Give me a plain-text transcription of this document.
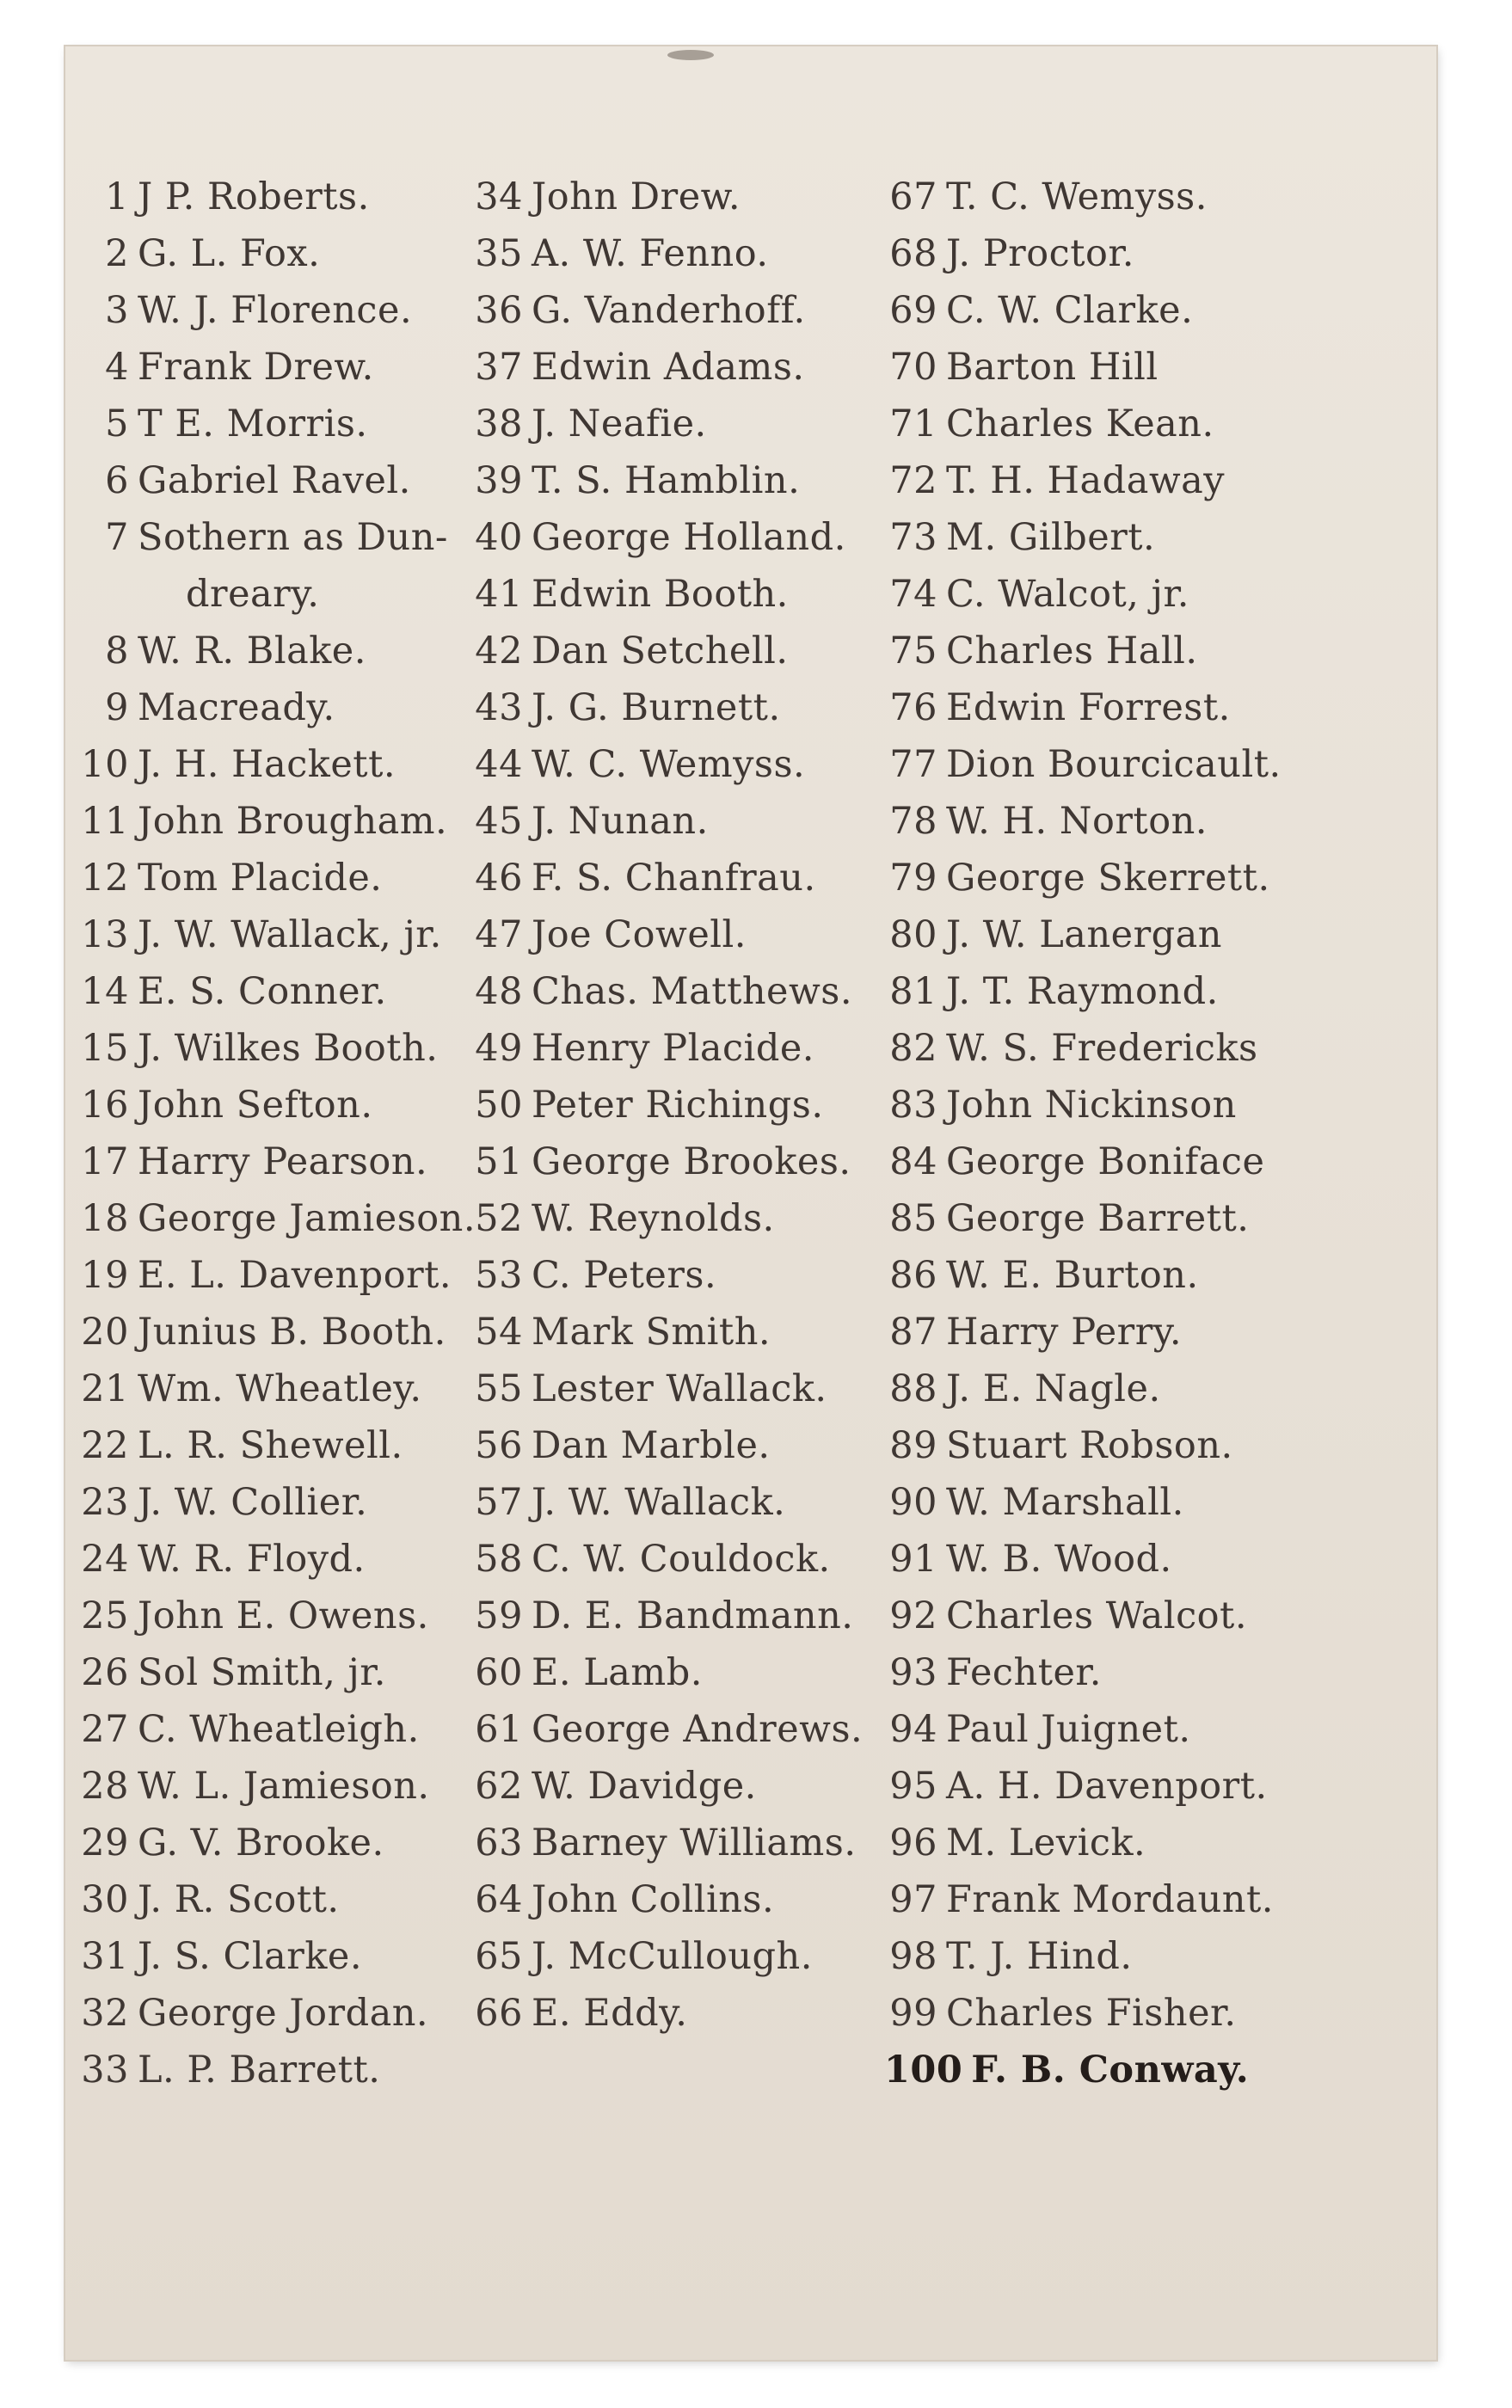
1 J P. Roberts.
2 G. L. Fox.
3 W. J. Florence.
4 Frank Drew.
5 T E. Morris.
6 Gabriel Ravel.
7 Sothern as Dun-
dreary.
8 W. R. Blake.
9 Macready.
10 J. H. Hackett.
11 John Brougham.
12 Tom Placide.
13 J. W. Wallack, jr.
14 E. S. Conner.
15 J. Wilkes Booth.
16 John Sefton.
17 Harry Pearson.
18 George Jamieson.
19 E. L. Davenport.
20 Junius B. Booth.
21 Wm. Wheatley.
22 L. R. Shewell.
23 J. W. Collier.
24 W. R. Floyd.
25 John E. Owens.
26 Sol Smith, jr.
27 C. Wheatleigh.
28 W. L. Jamieson.
29 G. V. Brooke.
30 J. R. Scott.
31 J. S. Clarke.
32 George Jordan.
33 L. P. Barrett.
34 John Drew.
35 A. W. Fenno.
36 G. Vanderhoff.
37 Edwin Adams.
38 J. Neafie.
39 T. S. Hamblin.
40 George Holland.
41 Edwin Booth.
42 Dan Setchell.
43 J. G. Burnett.
44 W. C. Wemyss.
45 J. Nunan.
46 F. S. Chanfrau.
47 Joe Cowell.
48 Chas. Matthews.
49 Henry Placide.
50 Peter Richings.
51 George Brookes.
52 W. Reynolds.
53 C. Peters.
54 Mark Smith.
55 Lester Wallack.
56 Dan Marble.
57 J. W. Wallack.
58 C. W. Couldock.
59 D. E. Bandmann.
60 E. Lamb.
61 George Andrews.
62 W. Davidge.
63 Barney Williams.
64 John Collins.
65 J. McCullough.
66 E. Eddy.
67 T. C. Wemyss.
68 J. Proctor.
69 C. W. Clarke.
70 Barton Hill
71 Charles Kean.
72 T. H. Hadaway
73 M. Gilbert.
74 C. Walcot, jr.
75 Charles Hall.
76 Edwin Forrest.
77 Dion Bourcicault.
78 W. H. Norton.
79 George Skerrett.
80 J. W. Lanergan
81 J. T. Raymond.
82 W. S. Fredericks
83 John Nickinson
84 George Boniface
85 George Barrett.
86 W. E. Burton.
87 Harry Perry.
88 J. E. Nagle.
89 Stuart Robson.
90 W. Marshall.
91 W. B. Wood.
92 Charles Walcot.
93 Fechter.
94 Paul Juignet.
95 A. H. Davenport.
96 M. Levick.
97 Frank Mordaunt.
98 T. J. Hind.
99 Charles Fisher.
100 F. B. Conway.
